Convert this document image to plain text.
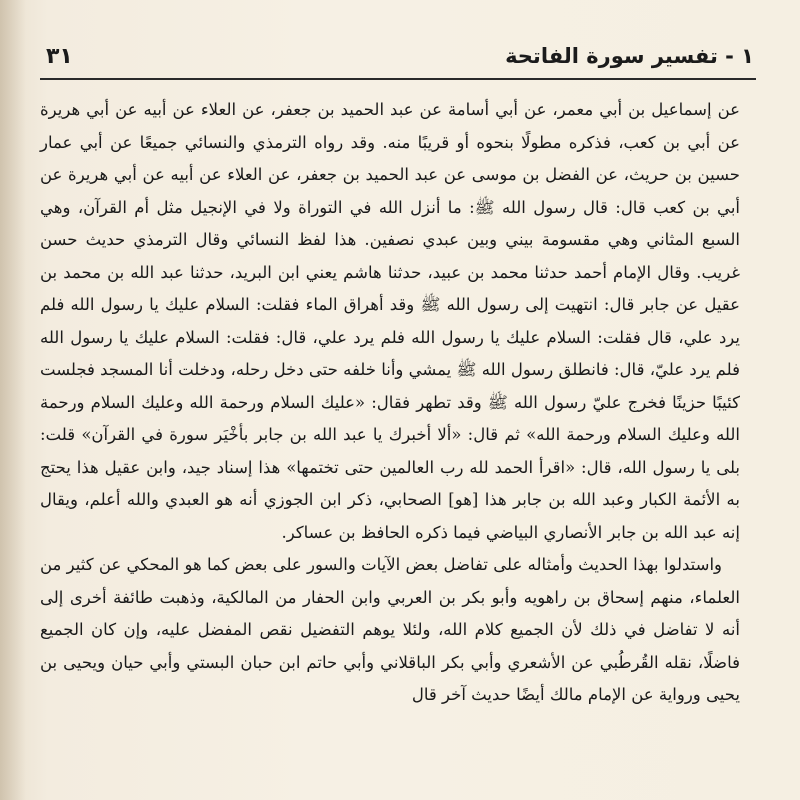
٣١	١ - تفسير سورة الفاتحة

عن إسماعيل بن أبي معمر، عن أبي أسامة عن عبد الحميد بن جعفر، عن العلاء عن أبيه عن أبي هريرة عن أبي بن كعب، فذكره مطولًا بنحوه أو قريبًا منه. وقد رواه الترمذي والنسائي جميعًا عن أبي عمار حسين بن حريث، عن الفضل بن موسى عن عبد الحميد بن جعفر، عن العلاء عن أبيه عن أبي هريرة عن أبي بن كعب قال: قال رسول الله ﷺ: ما أنزل الله في التوراة ولا في الإنجيل مثل أم القرآن، وهي السبع المثاني وهي مقسومة بيني وبين عبدي نصفين. هذا لفظ النسائي وقال الترمذي حديث حسن غريب. وقال الإمام أحمد حدثنا محمد بن عبيد، حدثنا هاشم يعني ابن البريد، حدثنا عبد الله بن محمد بن عقيل عن جابر قال: انتهيت إلى رسول الله ﷺ وقد أهراق الماء فقلت: السلام عليك يا رسول الله فلم يرد علي، قال فقلت: السلام عليك يا رسول الله فلم يرد علي، قال: فقلت: السلام عليك يا رسول الله فلم يرد عليّ، قال: فانطلق رسول الله ﷺ يمشي وأنا خلفه حتى دخل رحله، ودخلت أنا المسجد فجلست كئيبًا حزينًا فخرج عليّ رسول الله ﷺ وقد تطهر فقال: «عليك السلام ورحمة الله وعليك السلام ورحمة الله وعليك السلام ورحمة الله» ثم قال: «ألا أخبرك يا عبد الله بن جابر بأخْيَر سورة في القرآن» قلت: بلى يا رسول الله، قال: «اقرأ الحمد لله رب العالمين حتى تختمها» هذا إسناد جيد، وابن عقيل هذا يحتج به الأئمة الكبار وعبد الله بن جابر هذا [هو] الصحابي، ذكر ابن الجوزي أنه هو العبدي والله أعلم، ويقال إنه عبد الله بن جابر الأنصاري البياضي فيما ذكره الحافظ بن عساكر.

واستدلوا بهذا الحديث وأمثاله على تفاضل بعض الآيات والسور على بعض كما هو المحكي عن كثير من العلماء، منهم إسحاق بن راهويه وأبو بكر بن العربي وابن الحفار من المالكية، وذهبت طائفة أخرى إلى أنه لا تفاضل في ذلك لأن الجميع كلام الله، ولئلا يوهم التفضيل نقص المفضل عليه، وإن كان الجميع فاضلًا، نقله القُرطُبي عن الأشعري وأبي بكر الباقلاني وأبي حاتم ابن حبان البستي وأبي حيان ويحيى بن يحيى ورواية عن الإمام مالك أيضًا حديث آخر قال
